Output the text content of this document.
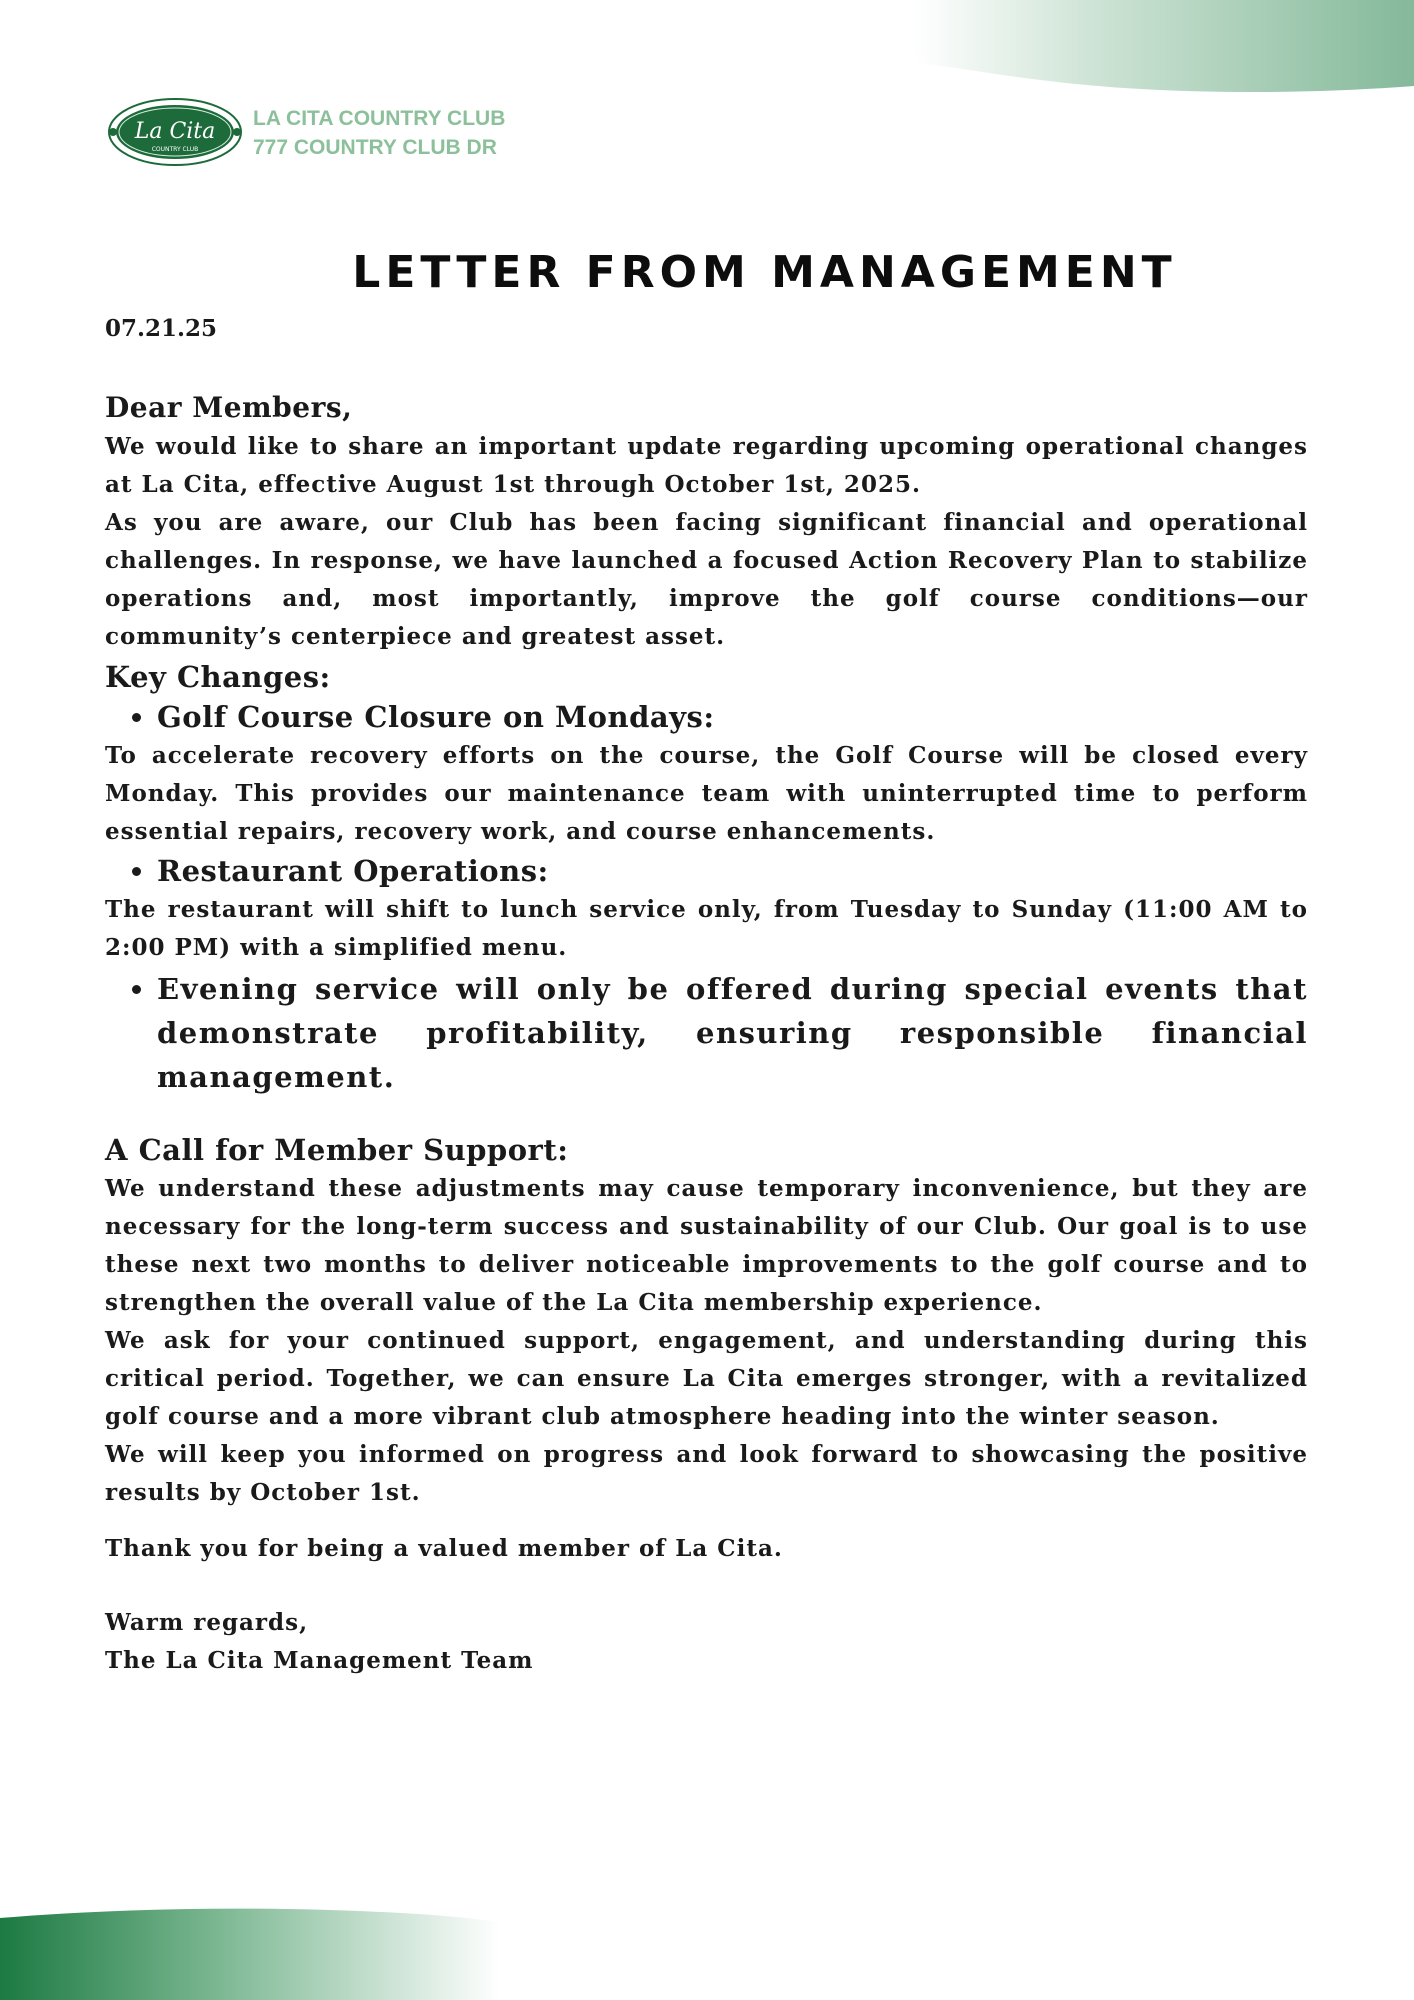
La Cita
COUNTRY CLUB
LA CITA COUNTRY CLUB
777 COUNTRY CLUB DR
LETTER FROM MANAGEMENT
07.21.25

Dear Members,

We would like to share an important update regarding upcoming operational changes at La Cita, effective August 1st through October 1st, 2025.

As you are aware, our Club has been facing significant financial and operational challenges. In response, we have launched a focused Action Recovery Plan to stabilize operations and, most importantly, improve the golf course conditions—our community’s centerpiece and greatest asset.

Key Changes:

• Golf Course Closure on Mondays:

To accelerate recovery efforts on the course, the Golf Course will be closed every Monday. This provides our maintenance team with uninterrupted time to perform essential repairs, recovery work, and course enhancements.

• Restaurant Operations:

The restaurant will shift to lunch service only, from Tuesday to Sunday (11:00 AM to 2:00 PM) with a simplified menu.

• Evening service will only be offered during special events that demonstrate profitability, ensuring responsible financial management.

A Call for Member Support:

We understand these adjustments may cause temporary inconvenience, but they are necessary for the long-term success and sustainability of our Club. Our goal is to use these next two months to deliver noticeable improvements to the golf course and to strengthen the overall value of the La Cita membership experience.

We ask for your continued support, engagement, and understanding during this critical period. Together, we can ensure La Cita emerges stronger, with a revitalized golf course and a more vibrant club atmosphere heading into the winter season.

We will keep you informed on progress and look forward to showcasing the positive results by October 1st.

Thank you for being a valued member of La Cita.

Warm regards,

The La Cita Management Team
